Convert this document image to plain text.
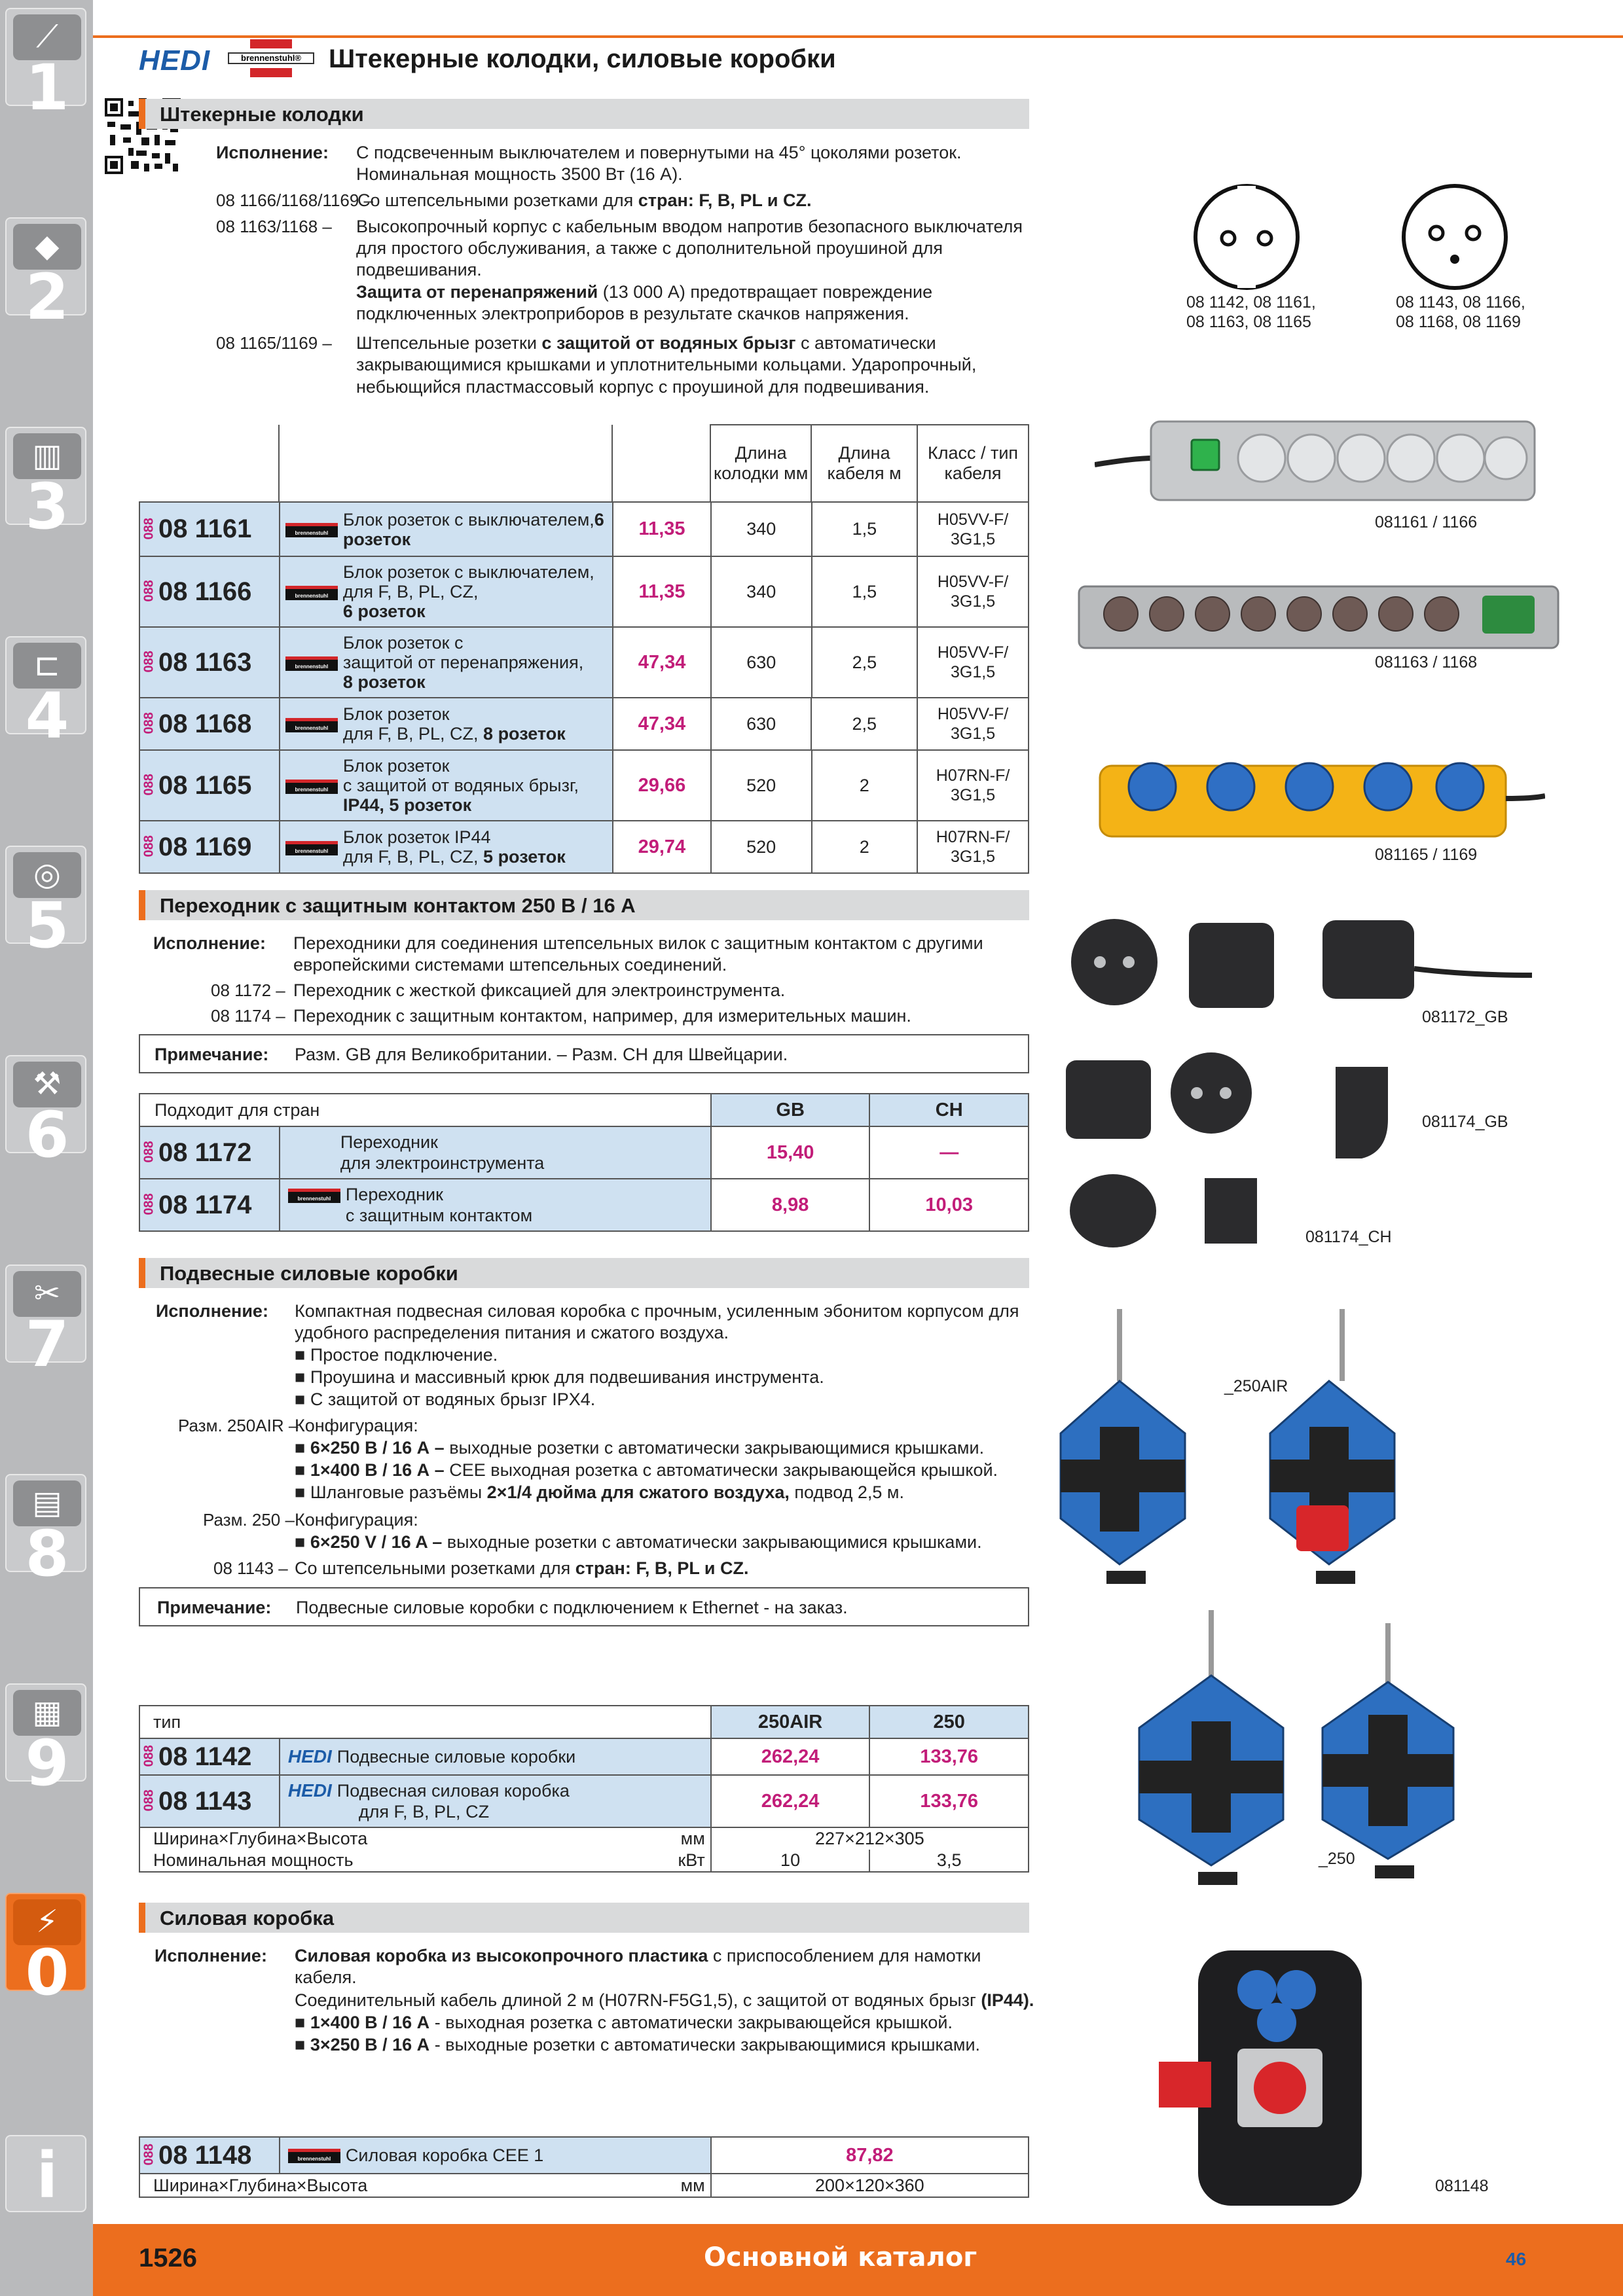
⟋
1
◆
2
▥
3
⊏
4
◎
5
⚒
6
✂
7
▤
8
▦
9
⚡
0
i
HEDI	brennenstuhl®	Штекерные колодки, силовые коробки
Штекерные колодки
Исполнение: С подсвеченным выключателем и повернутыми на 45° цоколями розеток.
Номинальная мощность 3500 Вт (16 А).
08 1166/1168/1169 –
Со штепсельными розетками для стран: F, B, PL и CZ.
08 1163/1168 – Высокопрочный корпус с кабельным вводом напротив безопасного выключателя
для простого обслуживания, а также с дополнительной проушиной для
подвешивания.
Защита от перенапряжений (13 000 A) предотвращает повреждение
подключенных электроприборов в результате скачков напряжения.
08 1165/1169 – Штепсельные розетки с защитой от водяных брызг с автоматически
закрывающимися крышками и уплотнительными кольцами. Ударопрочный,
небьющийся пластмассовый корпус с проушиной для подвешивания.
			Длина колодки мм	Длина кабеля м	Класс / тип кабеля
08808 1161		brennenstuhl	Блок розеток с выключателем,6 розеток
		11,35	340	1,5	H05VV-F/ 3G1,5
08808 1166		brennenstuhl	Блок розеток с выключателем,
для F, B, PL, CZ,
6 розеток
	11,35	340	1,5	H05VV-F/ 3G1,5
08808 1163		brennenstuhl	Блок розеток с
защитой от перенапряжения,
8 розеток
	47,34	630	2,5	H05VV-F/ 3G1,5
08808 1168		brennenstuhl	Блок розеток
для F, B, PL, CZ, 8 розеток
		47,34	630	2,5	H05VV-F/ 3G1,5
08808 1165		brennenstuhl	Блок розеток
с защитой от водяных брызг,
IP44, 5 розеток
	29,66	520	2	H07RN-F/ 3G1,5
08808 1169		brennenstuhl	Блок розеток IP44
для F, B, PL, CZ, 5 розеток
		29,74	520	2	H07RN-F/ 3G1,5
Переходник с защитным контактом 250 В / 16 А
Исполнение: Переходники для соединения штепсельных вилок с защитным контактом с другими
европейскими системами штепсельных соединений.
08 1172 – Переходник с жесткой фиксацией для электроинструмента.
08 1174 – Переходник с защитным контактом, например, для измерительных машин.
Примечание: Разм. GB для Великобритании. – Разм. CH для Швейцарии.
Подходит для стран		GB	CH
08808 1172	Переходник
для электроинструмента	15,40	—
08808 1174	brennenstuhl Переходник
с защитным контактом	8,98	10,03
Подвесные силовые коробки
Исполнение: Компактная подвесная силовая коробка с прочным, усиленным эбонитом корпусом для
удобного распределения питания и сжатого воздуха.
■ Простое подключение.
■ Проушина и массивный крюк для подвешивания инструмента.
■ С защитой от водяных брызг IPX4.
Разм. 250AIR –
Конфигурация:
■ 6×250 В / 16 А – выходные розетки с автоматически закрывающимися крышками.
■ 1×400 В / 16 А – CEE выходная розетка с автоматически закрывающейся крышкой.
■ Шланговые разъёмы 2×1/4 дюйма для сжатого воздуха, подвод 2,5 м.
Разм. 250 – Конфигурация:
■ 6×250 V / 16 A – выходные розетки с автоматически закрывающимися крышками.
08 1143 – Со штепсельными розетками для стран: F, B, PL и CZ.
Примечание: Подвесные силовые коробки с подключением к Ethernet - на заказ.
тип		250AIR	250
08808 1142	HEDI Подвесные силовые коробки	262,24	133,76
08808 1143	HEDI Подвесная силовая коробка
для F, B, PL, CZ	262,24	133,76
Ширина×Глубина×Высота мм		227×212×305	
Номинальная мощность кВт		10	3,5
Силовая коробка
Исполнение: Силовая коробка из высокопрочного пластика с приспособлением для намотки
кабеля.
Соединительный кабель длиной 2 м (H07RN-F5G1,5), с защитой от водяных брызг (IP44).
■ 1×400 В / 16 А - выходная розетка с автоматически закрывающейся крышкой.
■ 3×250 В / 16 А - выходные розетки с автоматически закрывающимися крышками.
08808 1148	brennenstuhl Силовая коробка CEE 1	87,82
Ширина×Глубина×Высота мм		200×120×360
08 1142, 08 1161,
08 1163, 08 1165
08 1143, 08 1166,
08 1168, 08 1169
081161 / 1166
081163 / 1168
081165 / 1169
081172_GB
081174_GB
081174_CH
_250AIR
_250
081148
1526	Основной каталог	46
